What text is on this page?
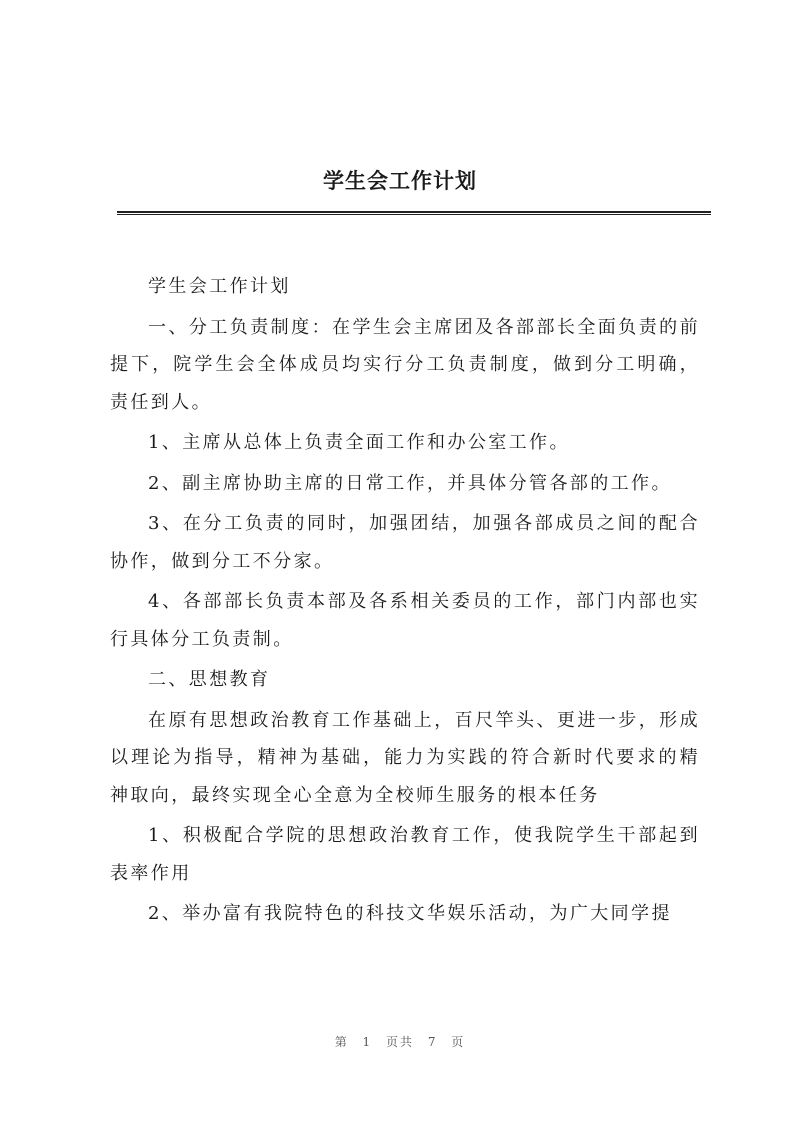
学生会工作计划

学生会工作计划

一、分工负责制度：在学生会主席团及各部部长全面负责的前提下，院学生会全体成员均实行分工负责制度，做到分工明确，责任到人。

1、主席从总体上负责全面工作和办公室工作。

2、副主席协助主席的日常工作，并具体分管各部的工作。

3、在分工负责的同时，加强团结，加强各部成员之间的配合协作，做到分工不分家。

4、各部部长负责本部及各系相关委员的工作，部门内部也实行具体分工负责制。

二、思想教育

在原有思想政治教育工作基础上，百尺竿头、更进一步，形成以理论为指导，精神为基础，能力为实践的符合新时代要求的精神取向，最终实现全心全意为全校师生服务的根本任务

1、积极配合学院的思想政治教育工作，使我院学生干部起到表率作用

2、举办富有我院特色的科技文华娱乐活动，为广大同学提

第 1 页共 7 页
